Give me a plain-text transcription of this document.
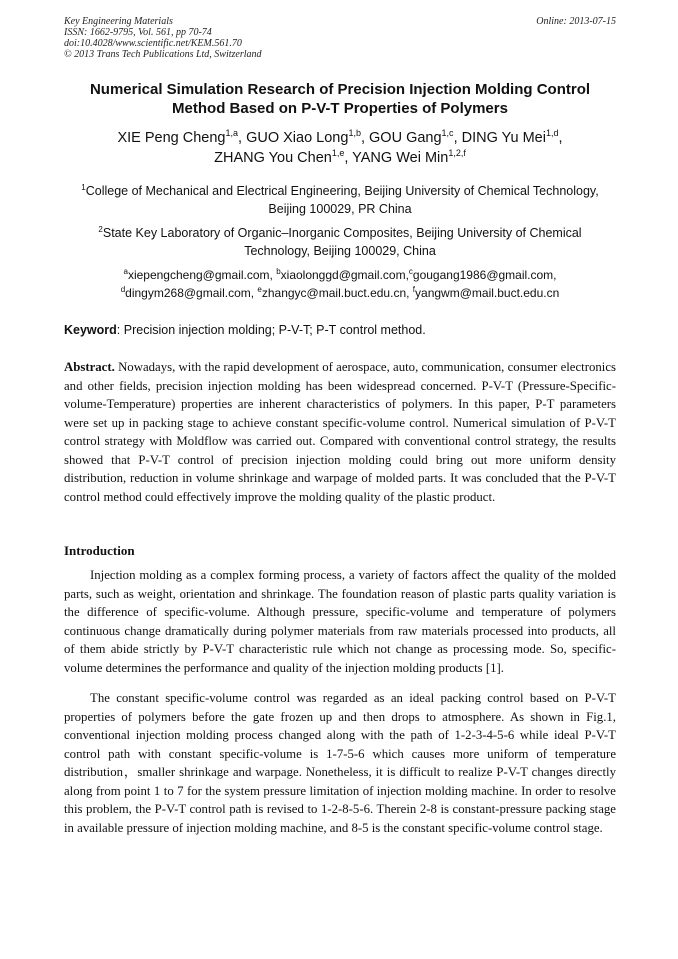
Key Engineering Materials
ISSN: 1662-9795, Vol. 561, pp 70-74
doi:10.4028/www.scientific.net/KEM.561.70
© 2013 Trans Tech Publications Ltd, Switzerland
Online: 2013-07-15
Numerical Simulation Research of Precision Injection Molding Control
Method Based on P-V-T Properties of Polymers
XIE Peng Cheng$^{1,a}$, GUO Xiao Long$^{1,b}$, GOU Gang$^{1,c}$, DING Yu Mei$^{1,d}$,
ZHANG You Chen$^{1,e}$, YANG Wei Min$^{1,2,f}$
$^1$College of Mechanical and Electrical Engineering, Beijing University of Chemical Technology,
Beijing 100029, PR China
$^2$State Key Laboratory of Organic–Inorganic Composites, Beijing University of Chemical
Technology, Beijing 100029, China
$^a$xiepengcheng@gmail.com, $^b$xiaolonggd@gmail.com,$^c$gougang1986@gmail.com,
$^d$dingym268@gmail.com, $^e$zhangyc@mail.buct.edu.cn, $^f$yangwm@mail.buct.edu.cn
Keyword: Precision injection molding; P-V-T; P-T control method.
Abstract. Nowadays, with the rapid development of aerospace, auto, communication, consumer electronics and other fields, precision injection molding has been widespread concerned. P-V-T (Pressure-Specific-volume-Temperature) properties are inherent characteristics of polymers. In this paper, P-T parameters were set up in packing stage to achieve constant specific-volume control. Numerical simulation of P-V-T control strategy with Moldflow was carried out. Compared with conventional control strategy, the results showed that P-V-T control of precision injection molding could bring out more uniform density distribution, reduction in volume shrinkage and warpage of molded parts. It was concluded that the P-V-T control method could effectively improve the molding quality of the plastic product.
Introduction
Injection molding as a complex forming process, a variety of factors affect the quality of the molded parts, such as weight, orientation and shrinkage. The foundation reason of plastic parts quality variation is the difference of specific-volume. Although pressure, specific-volume and temperature of polymers continuous change dramatically during polymer materials from raw materials processed into products, all of them abide strictly by P-V-T characteristic rule which not change as processing mode. So, specific-volume determines the performance and quality of the injection molding products [1].
The constant specific-volume control was regarded as an ideal packing control based on P-V-T properties of polymers before the gate frozen up and then drops to atmosphere. As shown in Fig.1, conventional injection molding process changed along with the path of 1-2-3-4-5-6 while ideal P-V-T control path with constant specific-volume is 1-7-5-6 which causes more uniform of temperature distribution，smaller shrinkage and warpage. Nonetheless, it is difficult to realize P-V-T changes directly along from point 1 to 7 for the system pressure limitation of injection molding machine. In order to resolve this problem, the P-V-T control path is revised to 1-2-8-5-6. Therein 2-8 is constant-pressure packing stage in available pressure of injection molding machine, and 8-5 is the constant specific-volume control stage.
